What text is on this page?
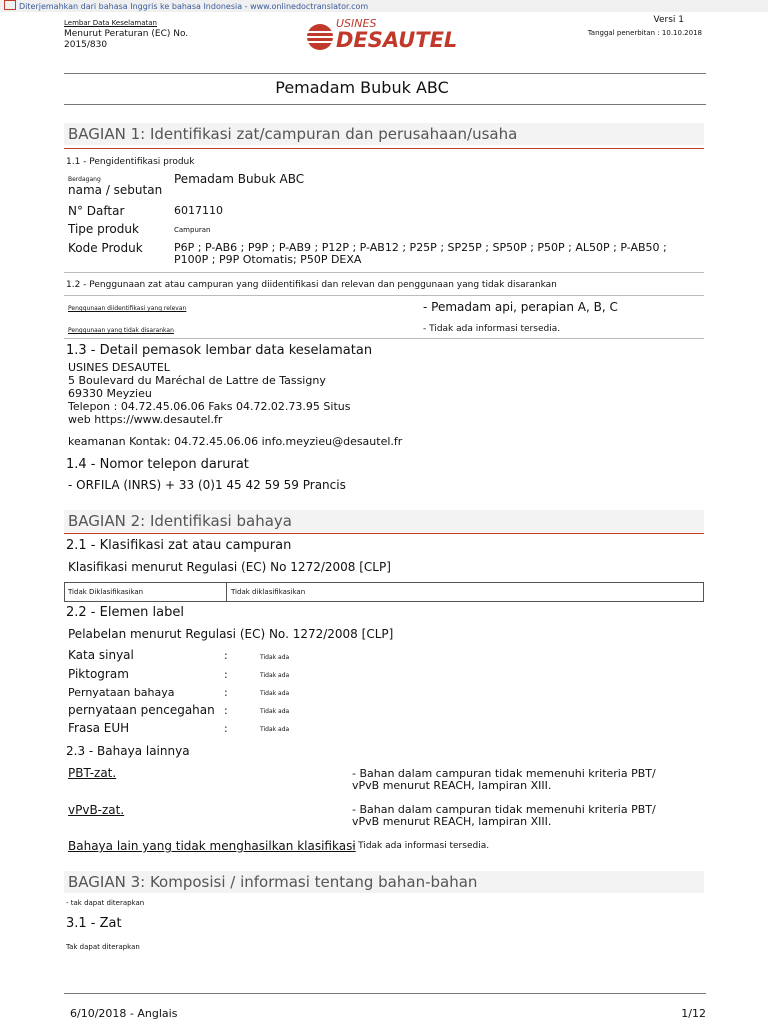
Diterjemahkan dari bahasa Inggris ke bahasa Indonesia - www.onlinedoctranslator.com
Lembar Data Keselamatan
Menurut Peraturan (EC) No.
2015/830
USINES
DESAUTEL
Versi 1
Tanggal penerbitan : 10.10.2018
Pemadam Bubuk ABC
BAGIAN 1: Identifikasi zat/campuran dan perusahaan/usaha
1.1 - Pengidentifikasi produk
Berdagang
nama / sebutan
Pemadam Bubuk ABC
N° Daftar	6017110
Tipe produk	Campuran
Kode Produk	P6P ; P-AB6 ; P9P ; P-AB9 ; P12P ; P-AB12 ; P25P ; SP25P ; SP50P ; P50P ; AL50P ; P-AB50 ;
P100P ; P9P Otomatis; P50P DEXA
1.2 - Penggunaan zat atau campuran yang diidentifikasi dan relevan dan penggunaan yang tidak disarankan
Penggunaan diidentifikasi yang relevan	- Pemadam api, perapian A, B, C
Penggunaan yang tidak disarankan	- Tidak ada informasi tersedia.
1.3 - Detail pemasok lembar data keselamatan
USINES DESAUTEL
5 Boulevard du Maréchal de Lattre de Tassigny
69330 Meyzieu
Telepon : 04.72.45.06.06 Faks 04.72.02.73.95 Situs
web https://www.desautel.fr
keamanan Kontak: 04.72.45.06.06 info.meyzieu@desautel.fr
1.4 - Nomor telepon darurat
- ORFILA (INRS) + 33 (0)1 45 42 59 59 Prancis
BAGIAN 2: Identifikasi bahaya
2.1 - Klasifikasi zat atau campuran
Klasifikasi menurut Regulasi (EC) No 1272/2008 [CLP]
Tidak Diklasifikasikan	Tidak diklasifikasikan
2.2 - Elemen label
Pelabelan menurut Regulasi (EC) No. 1272/2008 [CLP]
Kata sinyal	:	Tidak ada
Piktogram	:	Tidak ada
Pernyataan bahaya	:	Tidak ada
pernyataan pencegahan :	Tidak ada
Frasa EUH	:	Tidak ada
2.3 - Bahaya lainnya
PBT-zat.	- Bahan dalam campuran tidak memenuhi kriteria PBT/
vPvB menurut REACH, lampiran XIII.
vPvB-zat.	- Bahan dalam campuran tidak memenuhi kriteria PBT/
vPvB menurut REACH, lampiran XIII.
Bahaya lain yang tidak menghasilkan klasifikasi
- Tidak ada informasi tersedia.
BAGIAN 3: Komposisi / informasi tentang bahan-bahan
- tak dapat diterapkan
3.1 - Zat
Tak dapat diterapkan
6/10/2018 - Anglais	1/12
